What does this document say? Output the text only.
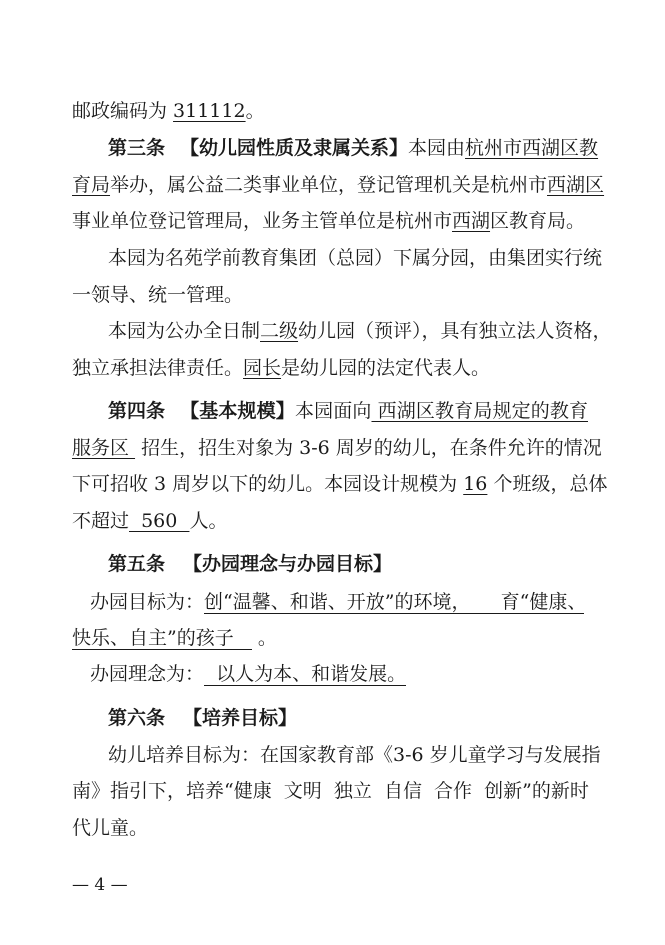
邮政编码为 311112。
第三条 【幼儿园性质及隶属关系】本园由杭州市西湖区教
育局举办，属公益二类事业单位，登记管理机关是杭州市西湖区
事业单位登记管理局，业务主管单位是杭州市西湖区教育局。
本园为名苑学前教育集团（总园）下属分园，由集团实行统
一领导、统一管理。
本园为公办全日制二级幼儿园（预评），具有独立法人资格，
独立承担法律责任。园长是幼儿园的法定代表人。
第四条 【基本规模】本园面向 西湖区教育局规定的教育
服务区  招生，招生对象为 3-6 周岁的幼儿，在条件允许的情况
下可招收 3 周岁以下的幼儿。本园设计规模为 16 个班级，总体
不超过  560  人。
第五条 【办园理念与办园目标】
办园目标为：创“温馨、和谐、开放”的环境，     育“健康、
快乐、自主”的孩子   。
办园理念为：  以人为本、和谐发展。
第六条 【培养目标】
幼儿培养目标为：在国家教育部《3-6 岁儿童学习与发展指
南》指引下，培养“健康  文明  独立  自信  合作  创新”的新时
代儿童。
— 4 —
